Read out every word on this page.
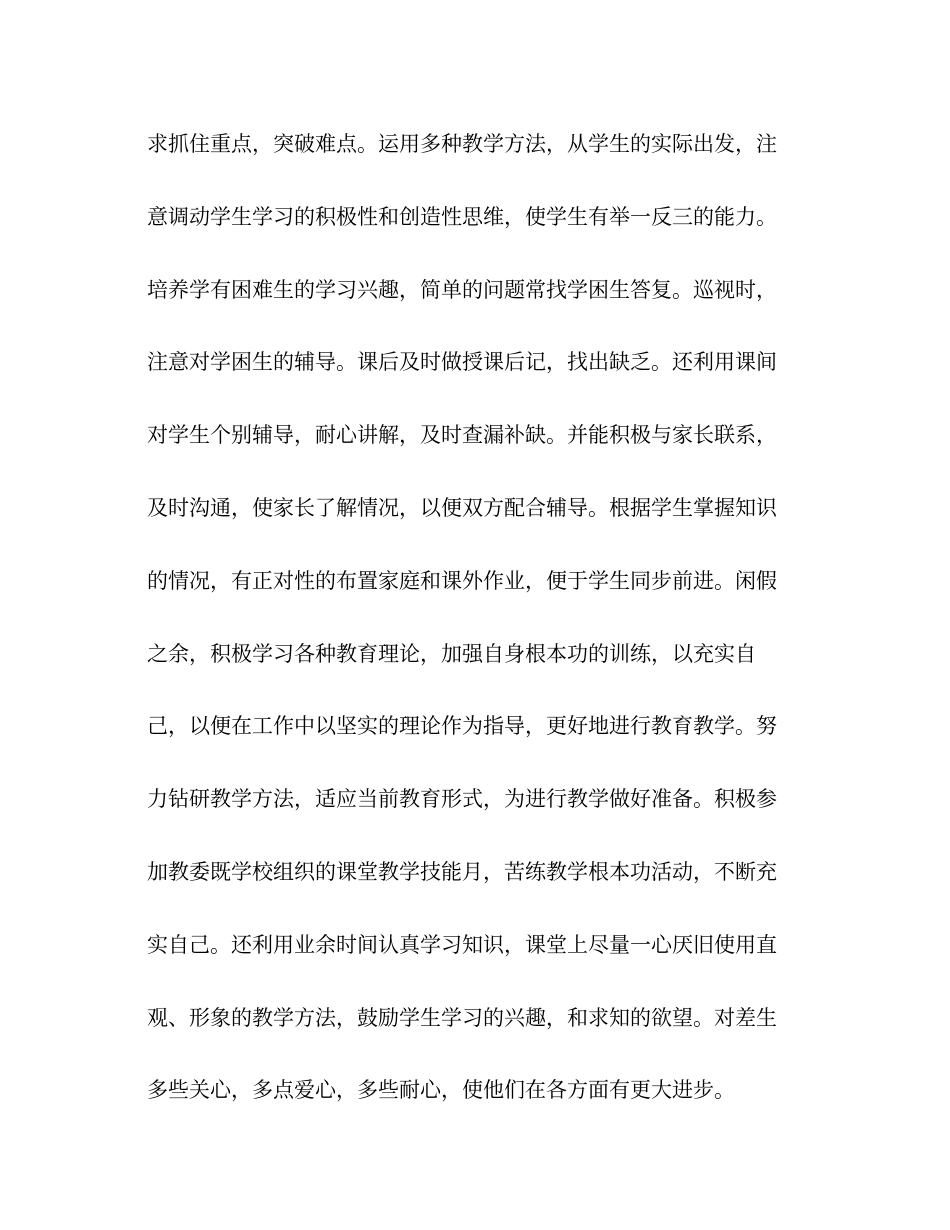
求抓住重点，突破难点。运用多种教学方法，从学生的实际出发，注
意调动学生学习的积极性和创造性思维，使学生有举一反三的能力。
培养学有困难生的学习兴趣，简单的问题常找学困生答复。巡视时，
注意对学困生的辅导。课后及时做授课后记，找出缺乏。还利用课间
对学生个别辅导，耐心讲解，及时查漏补缺。并能积极与家长联系，
及时沟通，使家长了解情况，以便双方配合辅导。根据学生掌握知识
的情况，有正对性的布置家庭和课外作业，便于学生同步前进。闲假
之余，积极学习各种教育理论，加强自身根本功的训练，以充实自
己，以便在工作中以坚实的理论作为指导，更好地进行教育教学。努
力钻研教学方法，适应当前教育形式，为进行教学做好准备。积极参
加教委既学校组织的课堂教学技能月，苦练教学根本功活动，不断充
实自己。还利用业余时间认真学习知识，课堂上尽量一心厌旧使用直
观、形象的教学方法，鼓励学生学习的兴趣，和求知的欲望。对差生
多些关心，多点爱心，多些耐心，使他们在各方面有更大进步。
